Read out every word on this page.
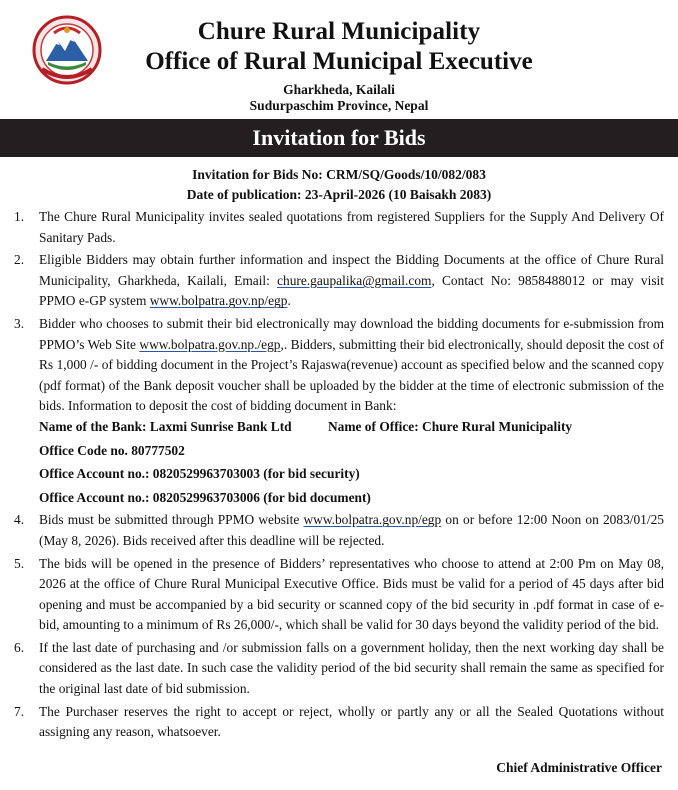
Chure Rural Municipality
Office of Rural Municipal Executive
Gharkheda, Kailali
Sudurpaschim Province, Nepal
Invitation for Bids
Invitation for Bids No: CRM/SQ/Goods/10/082/083
Date of publication: 23-April-2026 (10 Baisakh 2083)
1. The Chure Rural Municipality invites sealed quotations from registered Suppliers for the Supply And Delivery Of Sanitary Pads.
2. Eligible Bidders may obtain further information and inspect the Bidding Documents at the office of Chure Rural Municipality, Gharkheda, Kailali, Email: chure.gaupalika@gmail.com, Contact No: 9858488012 or may visit PPMO e-GP system www.bolpatra.gov.np/egp.
3. Bidder who chooses to submit their bid electronically may download the bidding documents for e-submission from PPMO’s Web Site www.bolpatra.gov.np./egp,. Bidders, submitting their bid electronically, should deposit the cost of Rs 1,000 /- of bidding document in the Project’s Rajaswa(revenue) account as specified below and the scanned copy (pdf format) of the Bank deposit voucher shall be uploaded by the bidder at the time of electronic submission of the bids. Information to deposit the cost of bidding document in Bank:
Name of the Bank: Laxmi Sunrise Bank Ltd	Name of Office: Chure Rural Municipality
Office Code no. 80777502
Office Account no.: 0820529963703003 (for bid security)
Office Account no.: 0820529963703006 (for bid document)
4. Bids must be submitted through PPMO website www.bolpatra.gov.np/egp on or before 12:00 Noon on 2083/01/25 (May 8, 2026). Bids received after this deadline will be rejected.
5. The bids will be opened in the presence of Bidders’ representatives who choose to attend at 2:00 Pm on May 08, 2026 at the office of Chure Rural Municipal Executive Office. Bids must be valid for a period of 45 days after bid opening and must be accompanied by a bid security or scanned copy of the bid security in .pdf format in case of e-bid, amounting to a minimum of Rs 26,000/-, which shall be valid for 30 days beyond the validity period of the bid.
6. If the last date of purchasing and /or submission falls on a government holiday, then the next working day shall be considered as the last date. In such case the validity period of the bid security shall remain the same as specified for the original last date of bid submission.
7. The Purchaser reserves the right to accept or reject, wholly or partly any or all the Sealed Quotations without assigning any reason, whatsoever.
Chief Administrative Officer
